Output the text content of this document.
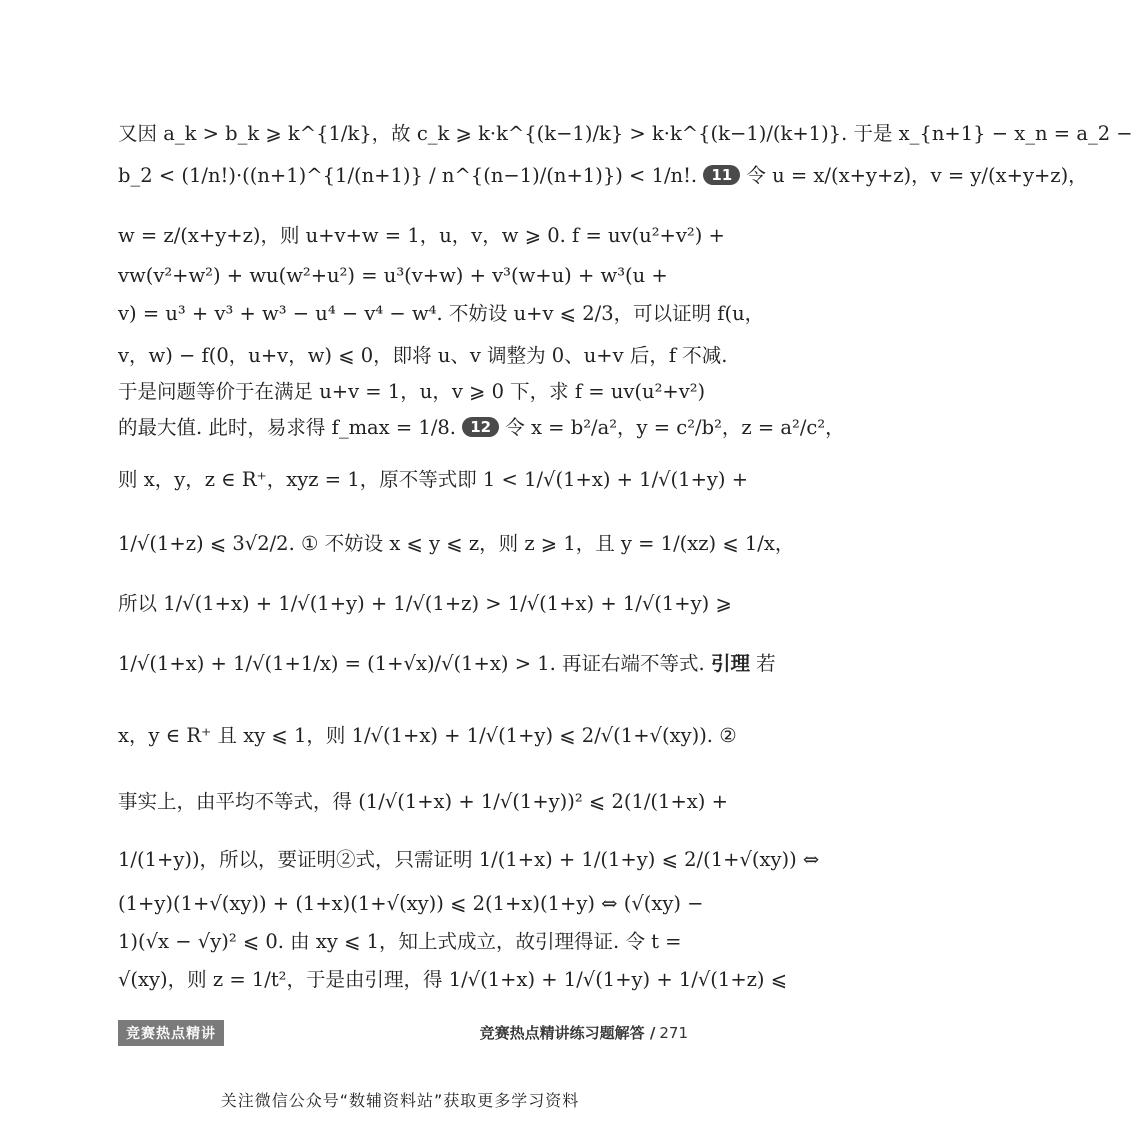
又因 a_k > b_k ⩾ k^{1/k}，故 c_k ⩾ k·k^{(k−1)/k} > k·k^{(k−1)/(k+1)}. 于是 x_{n+1} − x_n = a_2 −
b_2 < (1/n!)·((n+1)^{1/(n+1)} / n^{(n−1)/(n+1)}) < 1/n!. 11 令 u = x/(x+y+z)，v = y/(x+y+z)，
w = z/(x+y+z)，则 u+v+w = 1，u，v，w ⩾ 0. f = uv(u²+v²) +
vw(v²+w²) + wu(w²+u²) = u³(v+w) + v³(w+u) + w³(u +
v) = u³ + v³ + w³ − u⁴ − v⁴ − w⁴. 不妨设 u+v ⩽ 2/3，可以证明 f(u，
v，w) − f(0，u+v，w) ⩽ 0，即将 u、v 调整为 0、u+v 后，f 不减.
于是问题等价于在满足 u+v = 1，u，v ⩾ 0 下，求 f = uv(u²+v²)
的最大值. 此时，易求得 f_max = 1/8. 12 令 x = b²/a²，y = c²/b²，z = a²/c²，
则 x，y，z ∈ R⁺，xyz = 1，原不等式即 1 < 1/√(1+x) + 1/√(1+y) +
1/√(1+z) ⩽ 3√2/2. ① 不妨设 x ⩽ y ⩽ z，则 z ⩾ 1，且 y = 1/(xz) ⩽ 1/x，
所以 1/√(1+x) + 1/√(1+y) + 1/√(1+z) > 1/√(1+x) + 1/√(1+y) ⩾
1/√(1+x) + 1/√(1+1/x) = (1+√x)/√(1+x) > 1. 再证右端不等式. 引理 若
x，y ∈ R⁺ 且 xy ⩽ 1，则 1/√(1+x) + 1/√(1+y) ⩽ 2/√(1+√(xy)). ②
事实上，由平均不等式，得 (1/√(1+x) + 1/√(1+y))² ⩽ 2(1/(1+x) +
1/(1+y))，所以，要证明②式，只需证明 1/(1+x) + 1/(1+y) ⩽ 2/(1+√(xy)) ⇔
(1+y)(1+√(xy)) + (1+x)(1+√(xy)) ⩽ 2(1+x)(1+y) ⇔ (√(xy) −
1)(√x − √y)² ⩽ 0. 由 xy ⩽ 1，知上式成立，故引理得证. 令 t =
√(xy)，则 z = 1/t²，于是由引理，得 1/√(1+x) + 1/√(1+y) + 1/√(1+z) ⩽
竞赛热点精讲	竞赛热点精讲练习题解答 / 271
关注微信公众号“数辅资料站”获取更多学习资料
